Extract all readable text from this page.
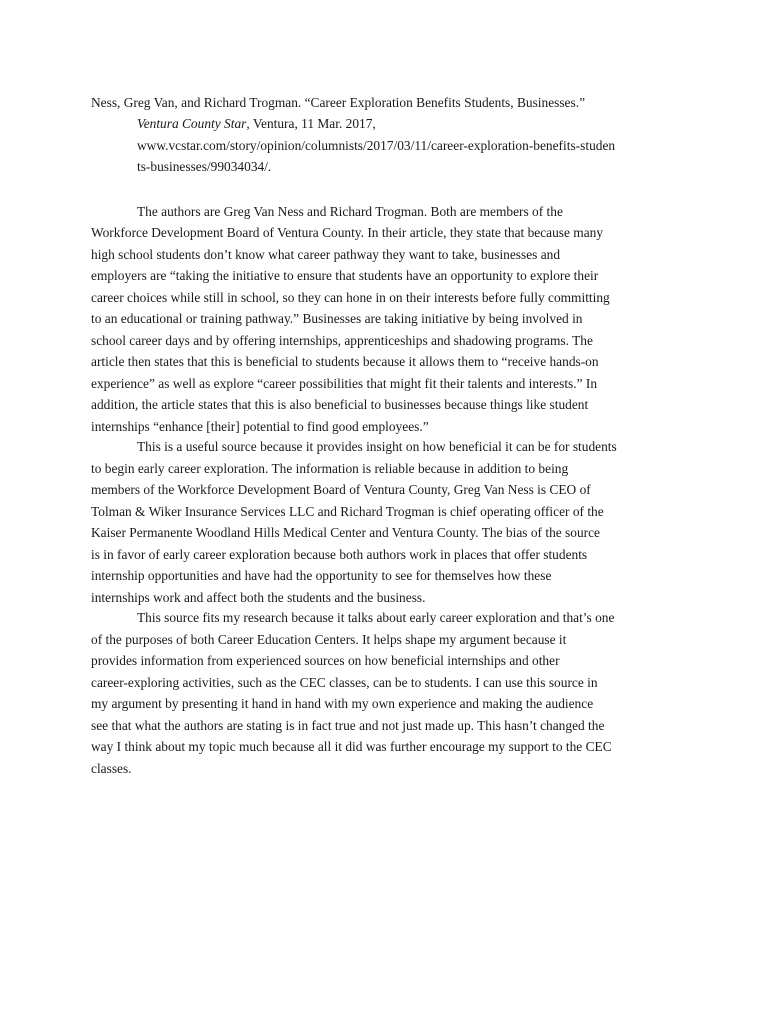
Ness, Greg Van, and Richard Trogman. “Career Exploration Benefits Students, Businesses.”
Ventura County Star, Ventura, 11 Mar. 2017,
www.vcstar.com/story/opinion/columnists/2017/03/11/career-exploration-benefits-studen
ts-businesses/99034034/.
The authors are Greg Van Ness and Richard Trogman. Both are members of the
Workforce Development Board of Ventura County. In their article, they state that because many
high school students don’t know what career pathway they want to take, businesses and
employers are “taking the initiative to ensure that students have an opportunity to explore their
career choices while still in school, so they can hone in on their interests before fully committing
to an educational or training pathway.” Businesses are taking initiative by being involved in
school career days and by offering internships, apprenticeships and shadowing programs. The
article then states that this is beneficial to students because it allows them to “receive hands-on
experience” as well as explore “career possibilities that might fit their talents and interests.” In
addition, the article states that this is also beneficial to businesses because things like student
internships “enhance [their] potential to find good employees.”
This is a useful source because it provides insight on how beneficial it can be for students
to begin early career exploration. The information is reliable because in addition to being
members of the Workforce Development Board of Ventura County, Greg Van Ness is CEO of
Tolman & Wiker Insurance Services LLC and Richard Trogman is chief operating officer of the
Kaiser Permanente Woodland Hills Medical Center and Ventura County. The bias of the source
is in favor of early career exploration because both authors work in places that offer students
internship opportunities and have had the opportunity to see for themselves how these
internships work and affect both the students and the business.
This source fits my research because it talks about early career exploration and that’s one
of the purposes of both Career Education Centers. It helps shape my argument because it
provides information from experienced sources on how beneficial internships and other
career-exploring activities, such as the CEC classes, can be to students. I can use this source in
my argument by presenting it hand in hand with my own experience and making the audience
see that what the authors are stating is in fact true and not just made up. This hasn’t changed the
way I think about my topic much because all it did was further encourage my support to the CEC
classes.
